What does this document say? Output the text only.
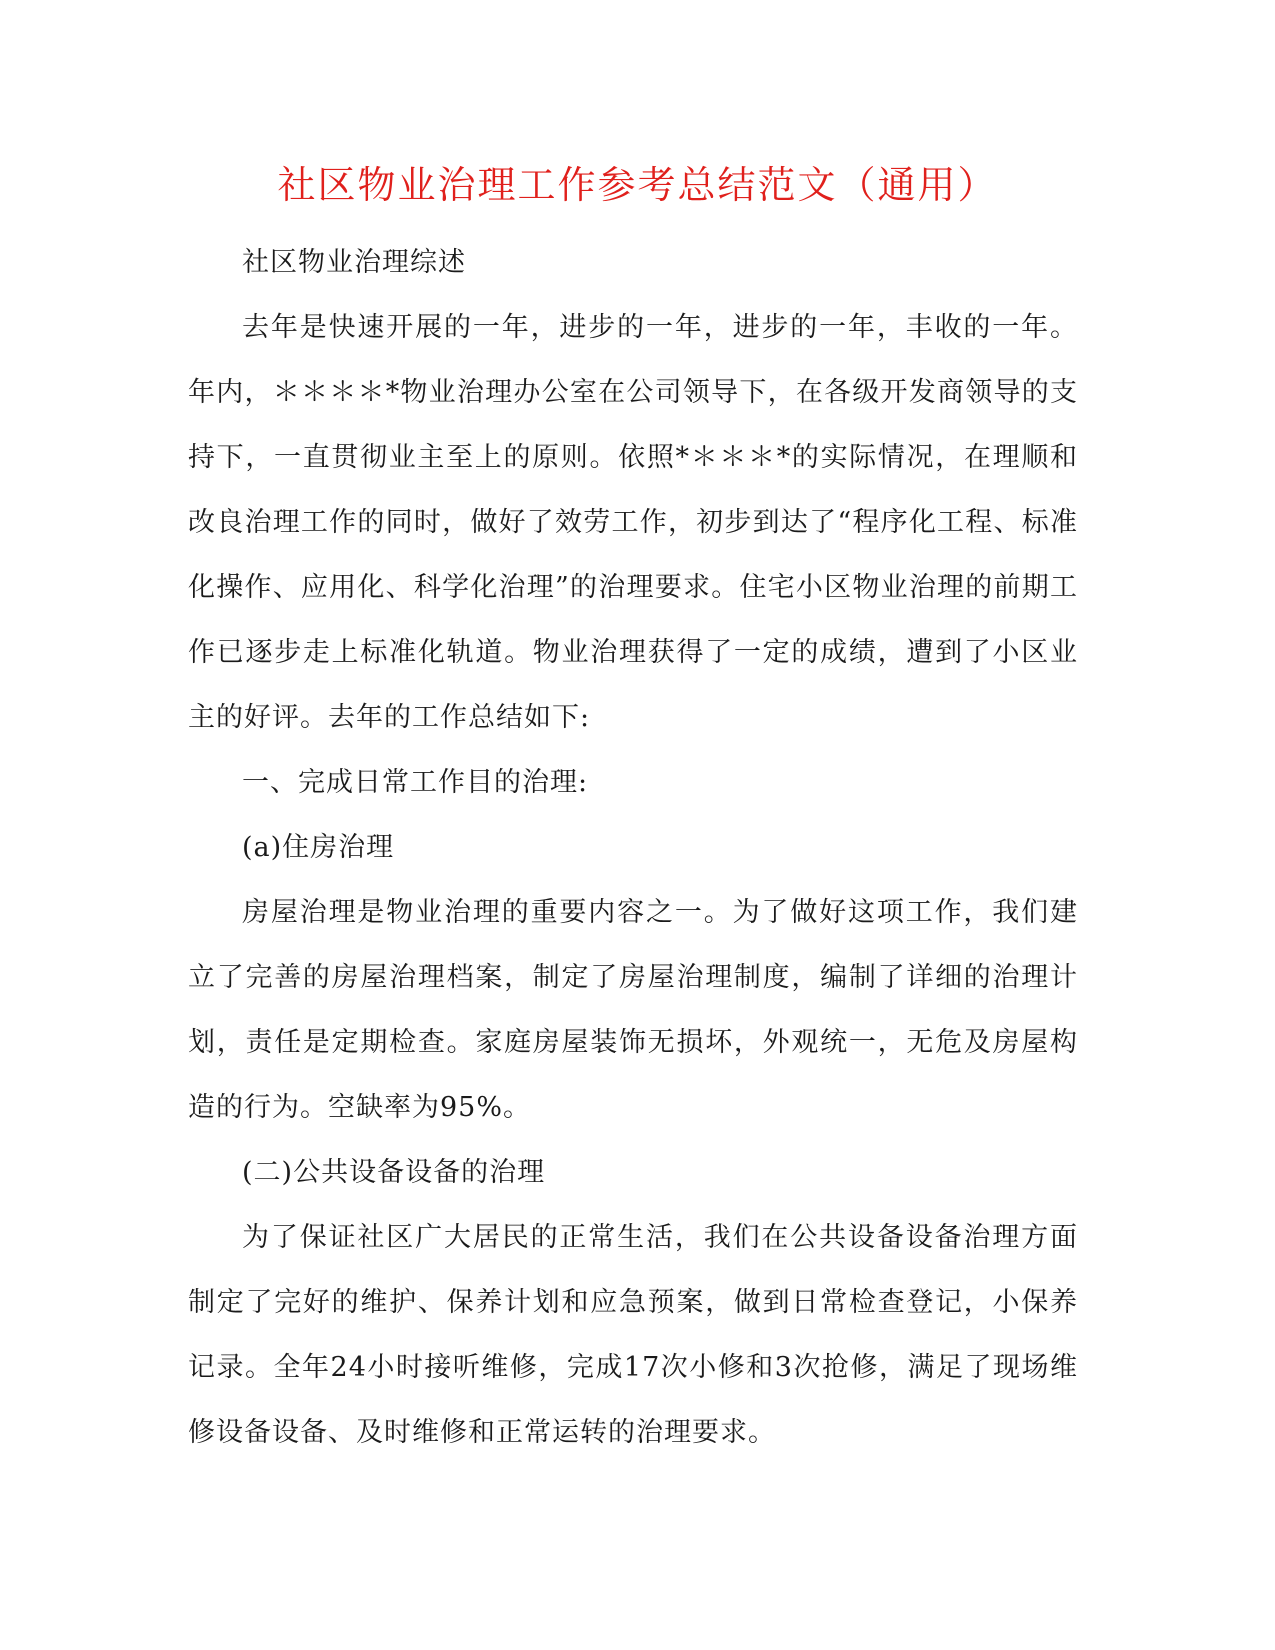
社区物业治理工作参考总结范文（通用）

社区物业治理综述

去年是快速开展的一年，进步的一年，进步的一年，丰收的一年。年内，＊＊＊＊*物业治理办公室在公司领导下，在各级开发商领导的支持下，一直贯彻业主至上的原则。依照*＊＊＊*的实际情况，在理顺和改良治理工作的同时，做好了效劳工作，初步到达了“程序化工程、标准化操作、应用化、科学化治理”的治理要求。住宅小区物业治理的前期工作已逐步走上标准化轨道。物业治理获得了一定的成绩，遭到了小区业主的好评。去年的工作总结如下:

一、完成日常工作目的治理:

(a)住房治理

房屋治理是物业治理的重要内容之一。为了做好这项工作，我们建立了完善的房屋治理档案，制定了房屋治理制度，编制了详细的治理计划，责任是定期检查。家庭房屋装饰无损坏，外观统一，无危及房屋构造的行为。空缺率为95%。

(二)公共设备设备的治理

为了保证社区广大居民的正常生活，我们在公共设备设备治理方面制定了完好的维护、保养计划和应急预案，做到日常检查登记，小保养记录。全年24小时接听维修，完成17次小修和3次抢修，满足了现场维修设备设备、及时维修和正常运转的治理要求。
